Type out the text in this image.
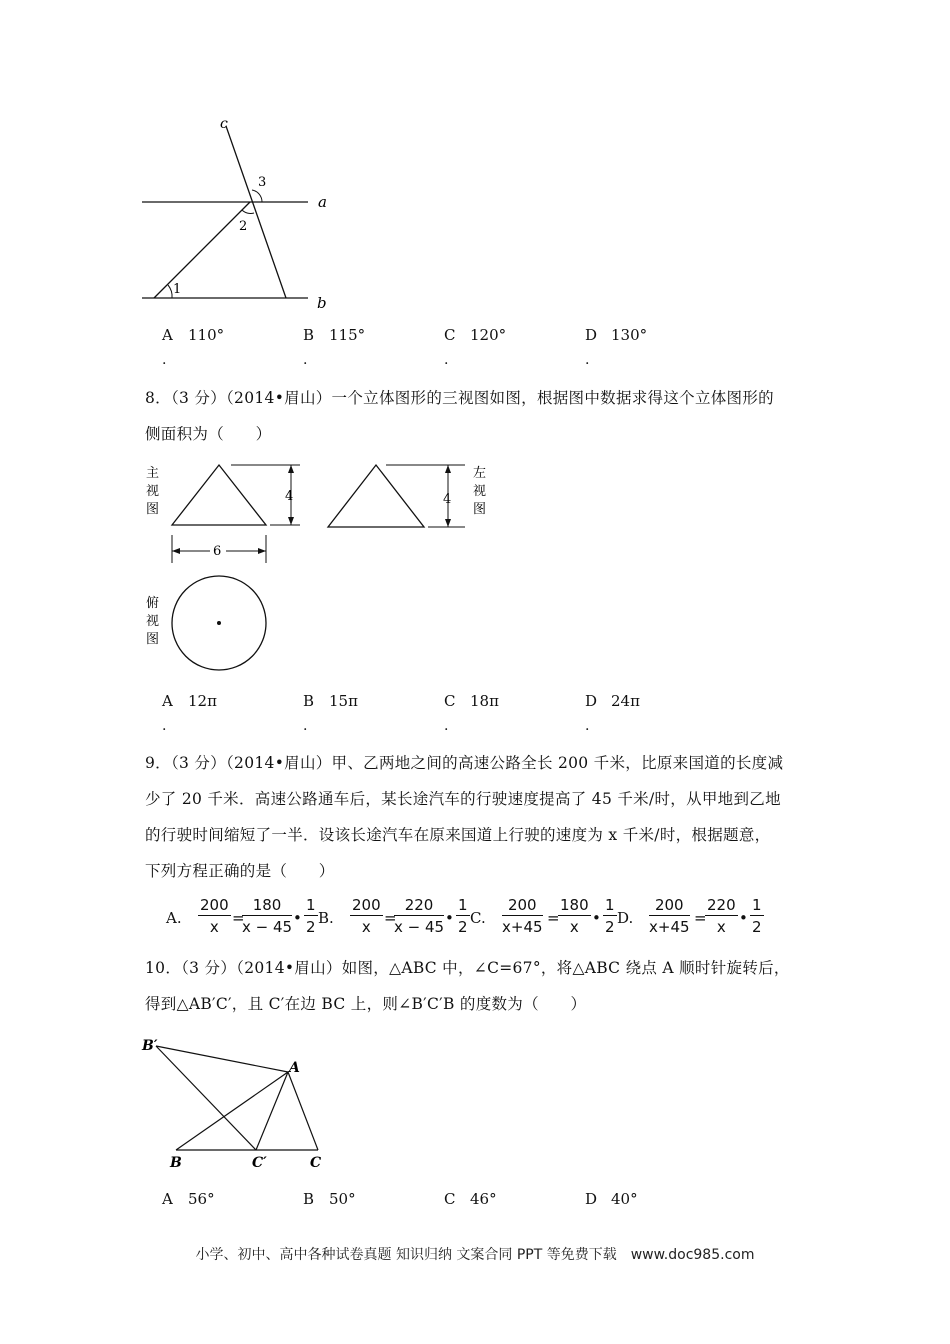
c
3
a
2
1
b
A 110°	B 115°	C 120°	D 130°
.	.	.	.
8．（3 分）（2014•眉山）一个立体图形的三视图如图，根据图中数据求得这个立体图形的
侧面积为（　　）
主
视
图
4	4
左
视
图
6
俯
视
图
A 12π	B 15π	C 18π	D 24π
.	.	.	.
9．（3 分）（2014•眉山）甲、乙两地之间的高速公路全长 200 千米，比原来国道的长度减
少了 20 千米．高速公路通车后，某长途汽车的行驶速度提高了 45 千米/时，从甲地到乙地
的行驶时间缩短了一半．设该长途汽车在原来国道上行驶的速度为 x 千米/时，根据题意，
下列方程正确的是（　　）
A. $\frac{200}{x}$ =
$\frac{180}{x - 45}$ • $\frac{1}{2} B$. $\frac{200}{x}$ =
$\frac{220}{x - 45}$ • $\frac{1}{2} C$. $\frac{200}{x+45}$ =
$\frac{180}{x}$ • $\frac{1}{2} D$. $\frac{200}{x+45}$ =
$\frac{220}{x}$ • $\frac{1}{2}$
10．（3 分）（2014•眉山）如图，△ABC 中，∠C=67°，将△ABC 绕点 A 顺时针旋转后，
得到△AB′C′，且 C′在边 BC 上，则∠B′C′B 的度数为（　　）
B′
A
B	C′	C
A 56°	B 50°	C 46°	D 40°
小学、初中、高中各种试卷真题 知识归纳 文案合同 PPT 等免费下载　www.doc985.com
